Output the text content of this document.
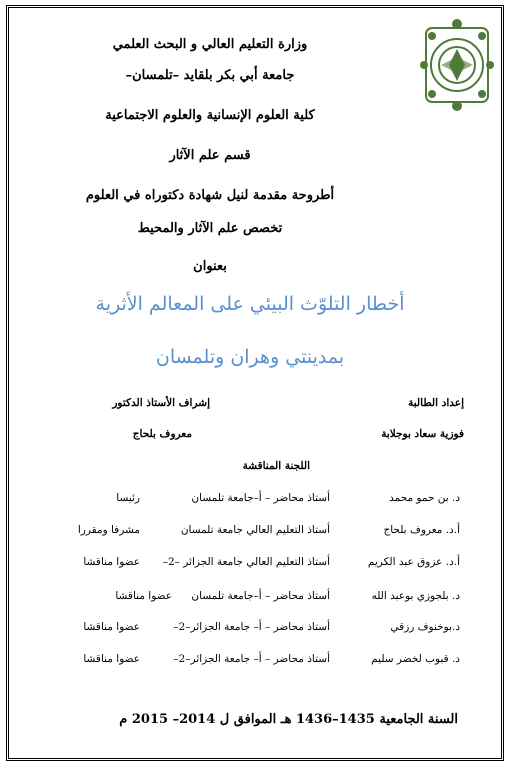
وزارة التعليم العالي و البحث العلمي
جامعة أبي بكر بلقايد –تلمسان–
كلية العلوم الإنسانية والعلوم الاجتماعية
قسم علم الآثار
أطروحة مقدمة لنيل شهادة دكتوراه في العلوم
تخصص علم الآثار والمحيط
بعنوان
أخطار التلوّث البيئي على المعالم الأثرية
بمدينتي وهران وتلمسان
إعداد الطالبة
إشراف الأستاذ الدكتور
فوزية سعاد بوجلابة
معروف بلحاج
اللجنة المناقشة
د. بن حمو محمد
أستاذ محاضر – أ–جامعة تلمسان
رئيسا
أ.د. معروف بلحاج
أستاذ التعليم العالي جامعة تلمسان
مشرفا ومقررا
أ.د. عزوق عبد الكريم
أستاذ التعليم العالي جامعة الجزائر –2–
عضوا مناقشا
د. بلجوزي بوعبد الله
أستاذ محاضر – أ–جامعة تلمسان
عضوا مناقشا
د.بوخنوف رزقي
أستاذ محاضر – أ– جامعة الجزائر–2–
عضوا مناقشا
د. قبوب لخضر سليم
أستاذ محاضر – أ– جامعة الجزائر–2–
عضوا مناقشا
السنة الجامعية 1435–1436 هـ الموافق ل 2014– 2015 م
